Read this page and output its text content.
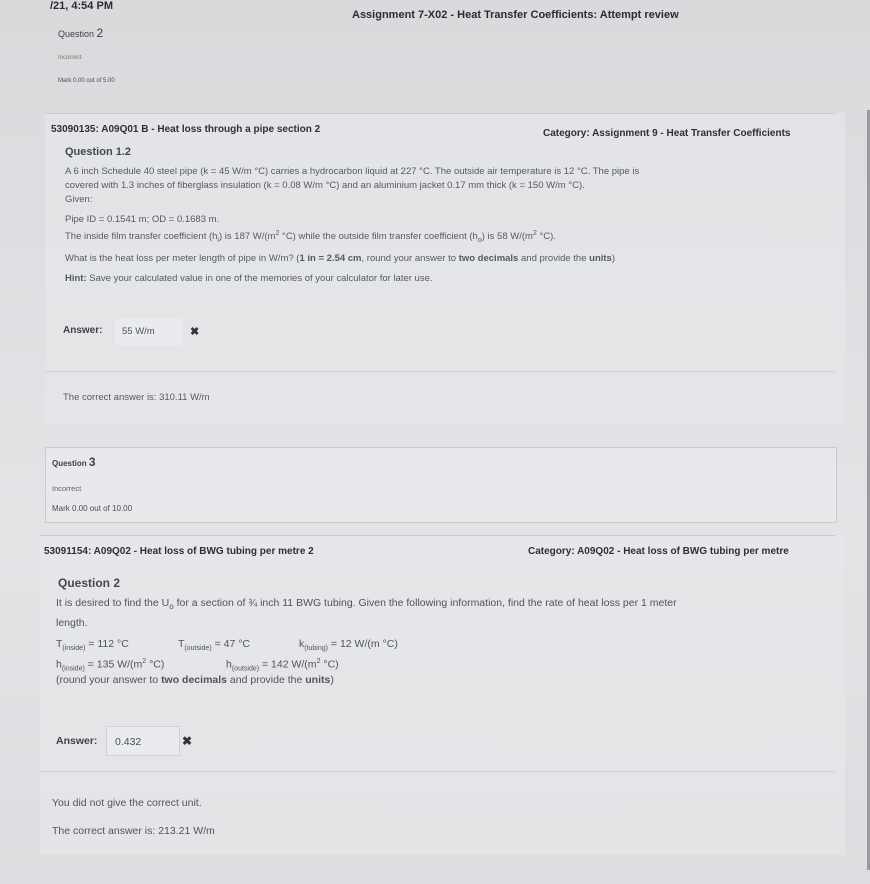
/21, 4:54 PM
Assignment 7-X02 - Heat Transfer Coefficients: Attempt review
Question 2
Incorrect
Mark 0.00 out of 5.00
53090135: A09Q01 B - Heat loss through a pipe section 2	Category: Assignment 9 - Heat Transfer Coefficients
Question 1.2
A 6 inch Schedule 40 steel pipe (k = 45 W/m °C) carries a hydrocarbon liquid at 227 °C. The outside air temperature is 12 °C. The pipe is
covered with 1.3 inches of fiberglass insulation (k = 0.08 W/m °C) and an aluminium jacket 0.17 mm thick (k = 150 W/m °C).
Given:
Pipe ID = 0.1541 m; OD = 0.1683 m.
The inside film transfer coefficient $(h_i)$ is 187 $W/(m^2$ °C) while the outside film transfer coefficient $(h_o)$ is 58 $W/(m^2$ °C).
What is the heat loss per meter length of pipe in W/m? (1 in = 2.54 cm, round your answer to two decimals and provide the units)
Hint: Save your calculated value in one of the memories of your calculator for later use.
Answer: 55 W/m	✖
The correct answer is: 310.11 W/m
Question 3
Incorrect
Mark 0.00 out of 10.00
53091154: A09Q02 - Heat loss of BWG tubing per metre 2	Category: A09Q02 - Heat loss of BWG tubing per metre
Question 2
It is desired to find the $U_o$ for a section of ¾ inch 11 BWG tubing. Given the following information, find the rate of heat loss per 1 meter
length.
$T_{(inside)} = 112$ °C	$T_{(outside)} = 47$ °C	$k_{(tubing)} = 12$ W/(m °C)
$h_{(inside)} = 135$ $W/(m^2$ °C)	$h_{(outside)} = 142$ $W/(m^2$ °C)
(round your answer to two decimals and provide the units)
Answer: 0.432	✖
You did not give the correct unit.
The correct answer is: 213.21 W/m
